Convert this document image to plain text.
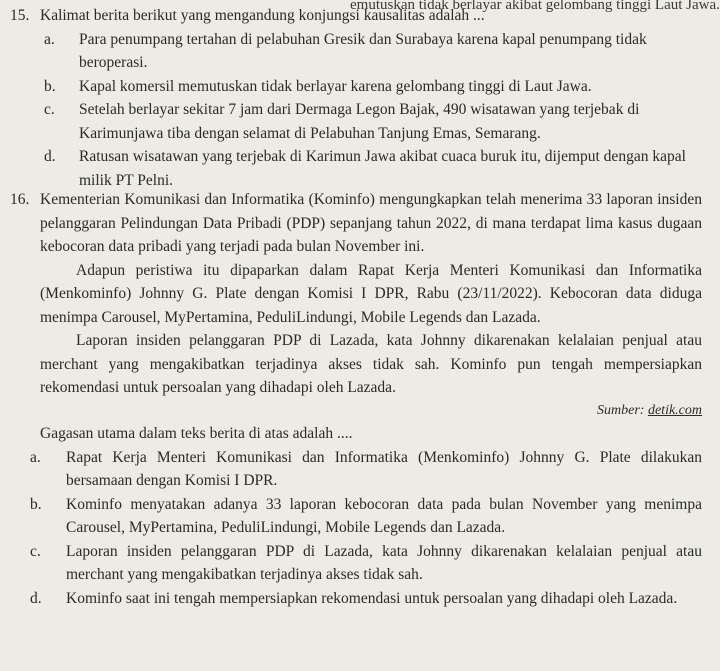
emutuskan tidak berlayar akibat gelombang tinggi Laut Jawa.
15. Kalimat berita berikut yang mengandung konjungsi kausalitas adalah ...
a.	Para penumpang tertahan di pelabuhan Gresik dan Surabaya karena kapal penumpang tidak beroperasi.
b.	Kapal komersil memutuskan tidak berlayar karena gelombang tinggi di Laut Jawa.
c.	Setelah berlayar sekitar 7 jam dari Dermaga Legon Bajak, 490 wisatawan yang terjebak di Karimunjawa tiba dengan selamat di Pelabuhan Tanjung Emas, Semarang.
d.	Ratusan wisatawan yang terjebak di Karimun Jawa akibat cuaca buruk itu, dijemput dengan kapal milik PT Pelni.
16. Kementerian Komunikasi dan Informatika (Kominfo) mengungkapkan telah menerima 33 laporan insiden pelanggaran Pelindungan Data Pribadi (PDP) sepanjang tahun 2022, di mana terdapat lima kasus dugaan kebocoran data pribadi yang terjadi pada bulan November ini.
Adapun peristiwa itu dipaparkan dalam Rapat Kerja Menteri Komunikasi dan Informatika (Menkominfo) Johnny G. Plate dengan Komisi I DPR, Rabu (23/11/2022). Kebocoran data diduga menimpa Carousel, MyPertamina, PeduliLindungi, Mobile Legends dan Lazada.
Laporan insiden pelanggaran PDP di Lazada, kata Johnny dikarenakan kelalaian penjual atau merchant yang mengakibatkan terjadinya akses tidak sah. Kominfo pun tengah mempersiapkan rekomendasi untuk persoalan yang dihadapi oleh Lazada.
Sumber: detik.com
Gagasan utama dalam teks berita di atas adalah ....
a.	Rapat Kerja Menteri Komunikasi dan Informatika (Menkominfo) Johnny G. Plate dilakukan bersamaan dengan Komisi I DPR.
b.	Kominfo menyatakan adanya 33 laporan kebocoran data pada bulan November yang menimpa Carousel, MyPertamina, PeduliLindungi, Mobile Legends dan Lazada.
c.	Laporan insiden pelanggaran PDP di Lazada, kata Johnny dikarenakan kelalaian penjual atau merchant yang mengakibatkan terjadinya akses tidak sah.
d.	Kominfo saat ini tengah mempersiapkan rekomendasi untuk persoalan yang dihadapi oleh Lazada.
